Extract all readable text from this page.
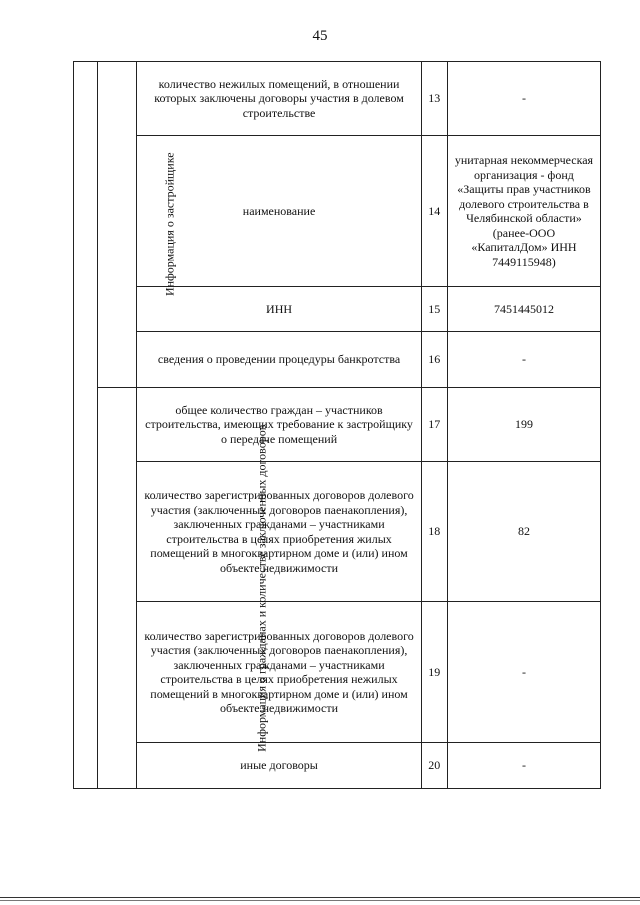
45
	Информация о застройщике	количество нежилых помещений, в отношении которых заключены договоры участия в долевом строительстве	13	-
		наименование	14	унитарная некоммерческая организация - фонд «Защиты прав участников долевого строительства в Челябинской области» (ранее-ООО «КапиталДом» ИНН 7449115948)
		ИНН	15	7451445012
		сведения о проведении процедуры банкротства	16	-
	Информация о гражданах и количестве заключенных договоров	общее количество граждан – участников строительства, имеющих требование к застройщику о передаче помещений	17	199
		количество зарегистрированных договоров долевого участия (заключенных договоров паенакопления), заключенных гражданами – участниками строительства в целях приобретения жилых помещений в многоквартирном доме и (или) ином объекте недвижимости	18	82
		количество зарегистрированных договоров долевого участия (заключенных договоров паенакопления), заключенных гражданами – участниками строительства в целях приобретения нежилых помещений в многоквартирном доме и (или) ином объекте недвижимости	19	-
		иные договоры	20	-
